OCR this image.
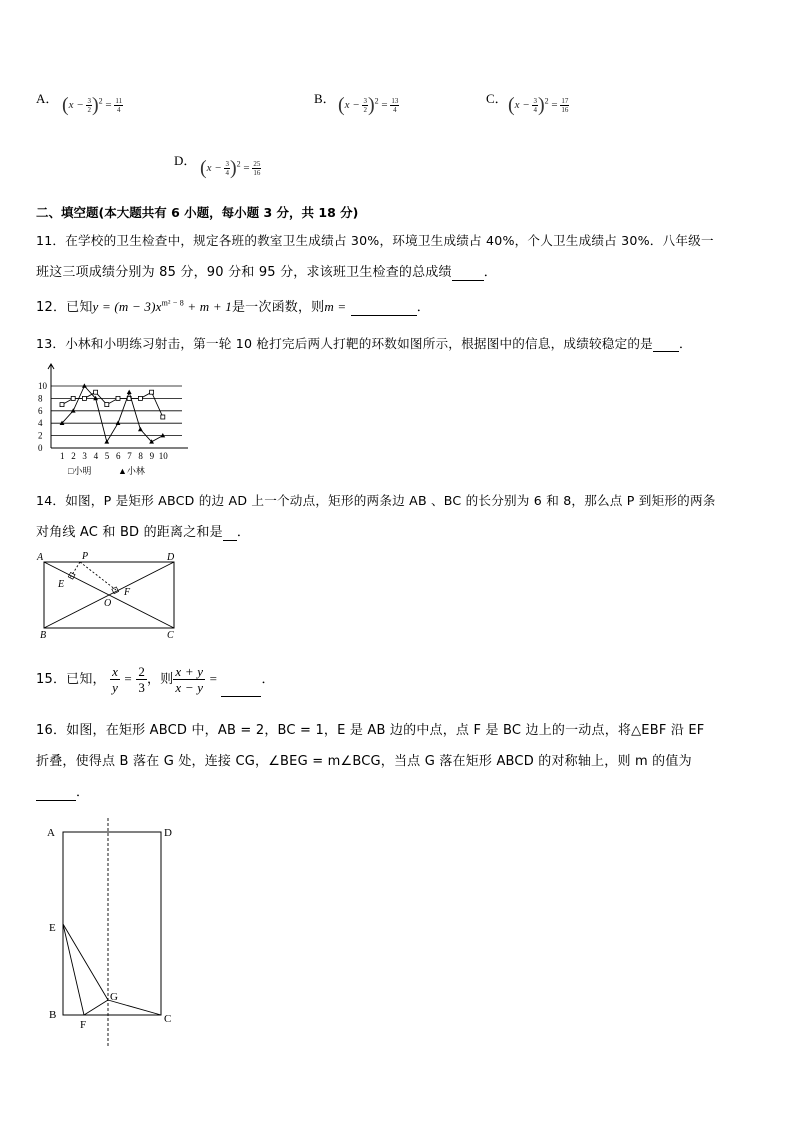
A． $(x - \frac{3}{2} )^2 = \frac{11}{4}$	B． $(x - \frac{3}{2} )^2 = \frac{13}{4}$	C． $(x - \frac{3}{4} )^2 = \frac{17}{16}$
D． $(x - \frac{3}{4} )^2 = \frac{25}{16}$
二、填空题(本大题共有 6 小题，每小题 3 分，共 18 分)
11．在学校的卫生检查中，规定各班的教室卫生成绩占 30%，环境卫生成绩占 40%，个人卫生成绩占 30%．八年级一
班这三项成绩分别为 85 分，90 分和 95 分，求该班卫生检查的总成绩 ．
12．已知$y = (m - 3)x^{m^2 - 8} + m + 1$是一次函数，则m =	．
13．小林和小明练习射击，第一轮 10 枪打完后两人打靶的环数如图所示，根据图中的信息，成绩较稳定的是 ．
10
8
6
4
2
0
1 2 3 4 5 6 7 8 9 10
□小明	▲小林
14．如图，P 是矩形 ABCD 的边 AD 上一个动点，矩形的两条边 AB 、BC 的长分别为 6 和 8，那么点 P 到矩形的两条
对角线 AC 和 BD 的距离之和是 ．
A	P	D
E
F
O
B	C
15．已知， $\frac{x}{y} = \frac{2}{3}$ ，则 $\frac{x + y}{x - y}$ =	．
16．如图，在矩形 ABCD 中，AB = 2，BC = 1，E 是 AB 边的中点，点 F 是 BC 边上的一动点，将△EBF 沿 EF
折叠，使得点 B 落在 G 处，连接 CG，∠BEG = m∠BCG，当点 G 落在矩形 ABCD 的对称轴上，则 m 的值为
．
A	D
E
B
F
G
C
